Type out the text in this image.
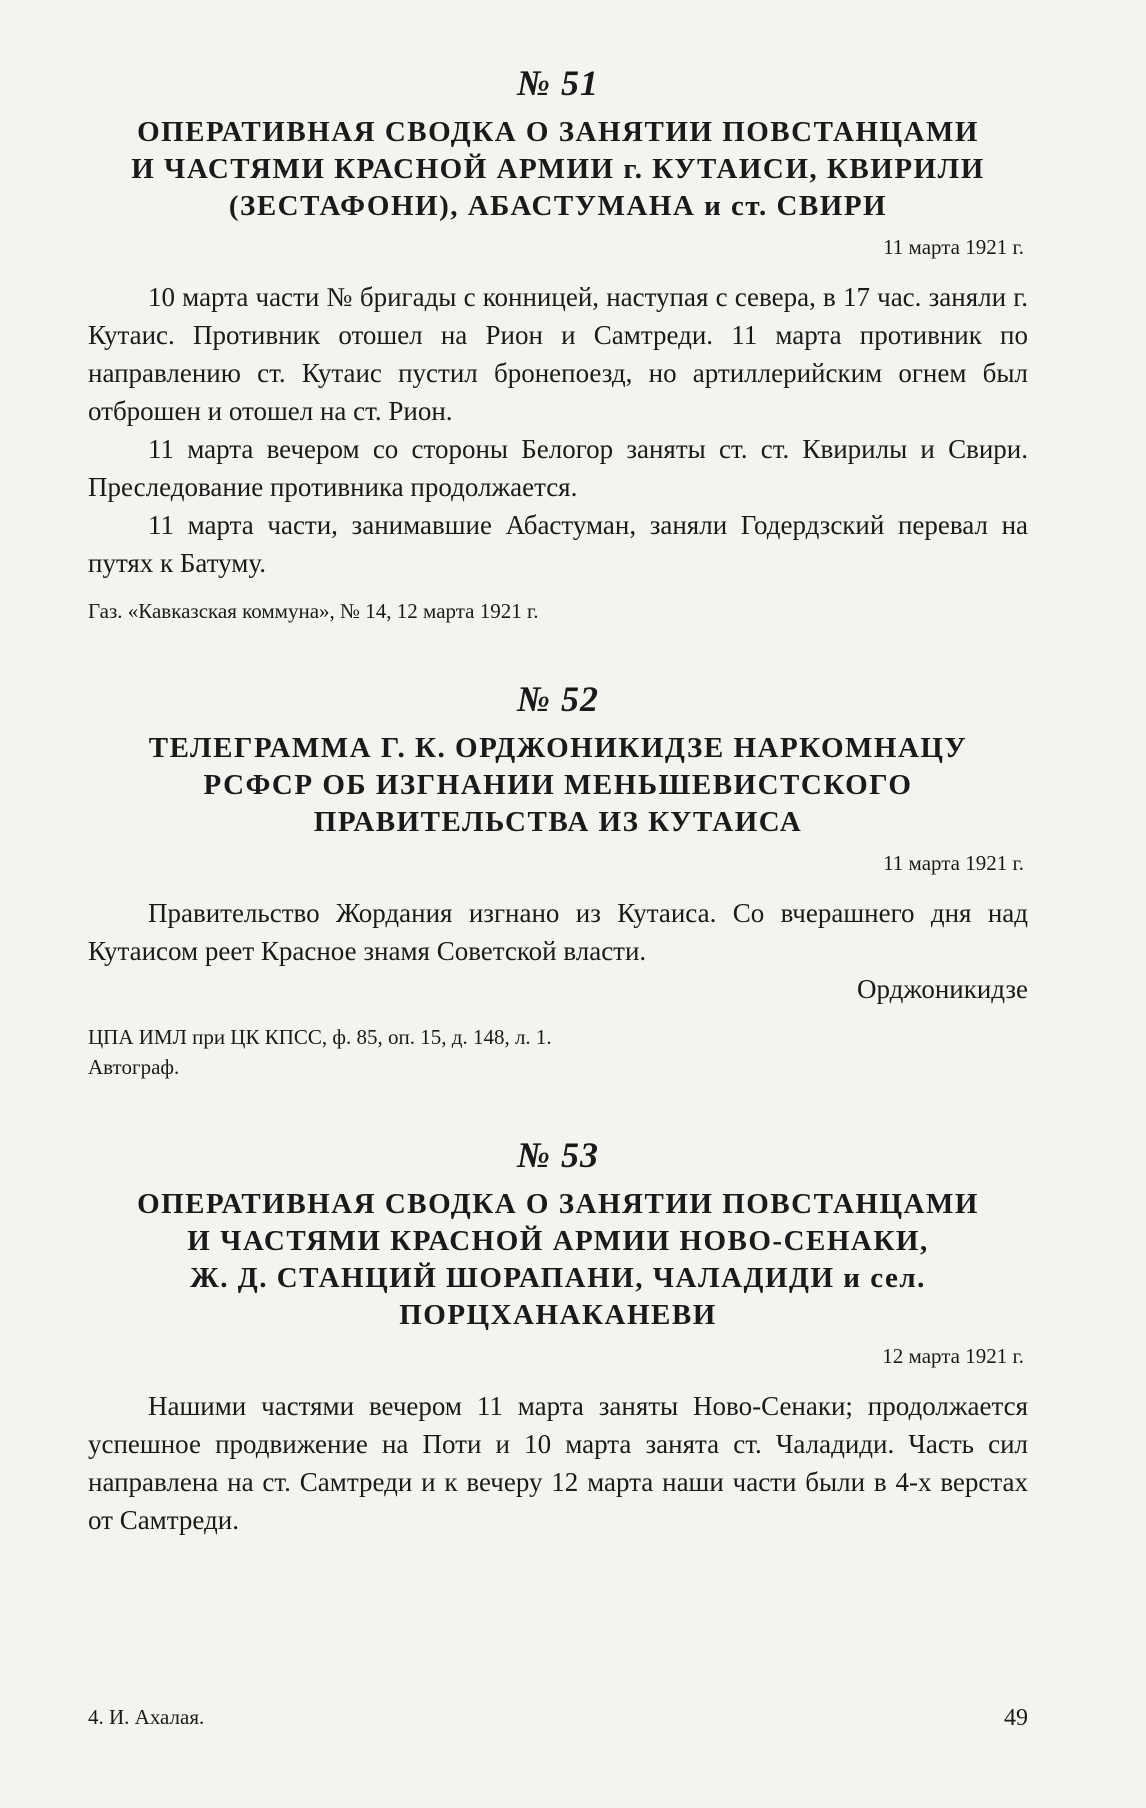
№ 51
ОПЕРАТИВНАЯ СВОДКА О ЗАНЯТИИ ПОВСТАНЦАМИ
И ЧАСТЯМИ КРАСНОЙ АРМИИ г. КУТАИСИ, КВИРИЛИ
(ЗЕСТАФОНИ), АБАСТУМАНА и ст. СВИРИ
11 марта 1921 г.

10 марта части № бригады с конницей, наступая с севера, в 17 час. заняли г. Кутаис. Противник отошел на Рион и Самтреди. 11 марта противник по направлению ст. Кутаис пустил бронепоезд, но артиллерийским огнем был отброшен и отошел на ст. Рион.

11 марта вечером со стороны Белогор заняты ст. ст. Квирилы и Свири. Преследование противника продолжается.

11 марта части, занимавшие Абастуман, заняли Годердзский перевал на путях к Батуму.

Газ. «Кавказская коммуна», № 14, 12 марта 1921 г.
№ 52
ТЕЛЕГРАММА Г. К. ОРДЖОНИКИДЗЕ НАРКОМНАЦУ
РСФСР ОБ ИЗГНАНИИ МЕНЬШЕВИСТСКОГО
ПРАВИТЕЛЬСТВА ИЗ КУТАИСА
11 марта 1921 г.

Правительство Жордания изгнано из Кутаиса. Со вчерашнего дня над Кутаисом реет Красное знамя Советской власти.

Орджоникидзе
ЦПА ИМЛ при ЦК КПСС, ф. 85, оп. 15, д. 148, л. 1.
Автограф.
№ 53
ОПЕРАТИВНАЯ СВОДКА О ЗАНЯТИИ ПОВСТАНЦАМИ
И ЧАСТЯМИ КРАСНОЙ АРМИИ НОВО-СЕНАКИ,
Ж. Д. СТАНЦИЙ ШОРАПАНИ, ЧАЛАДИДИ и сел.
ПОРЦХАНАКАНЕВИ
12 марта 1921 г.

Нашими частями вечером 11 марта заняты Ново-Сенаки; продолжается успешное продвижение на Поти и 10 марта занята ст. Чаладиди. Часть сил направлена на ст. Самтреди и к вечеру 12 марта наши части были в 4-х верстах от Самтреди.

4. И. Ахалая.	49
